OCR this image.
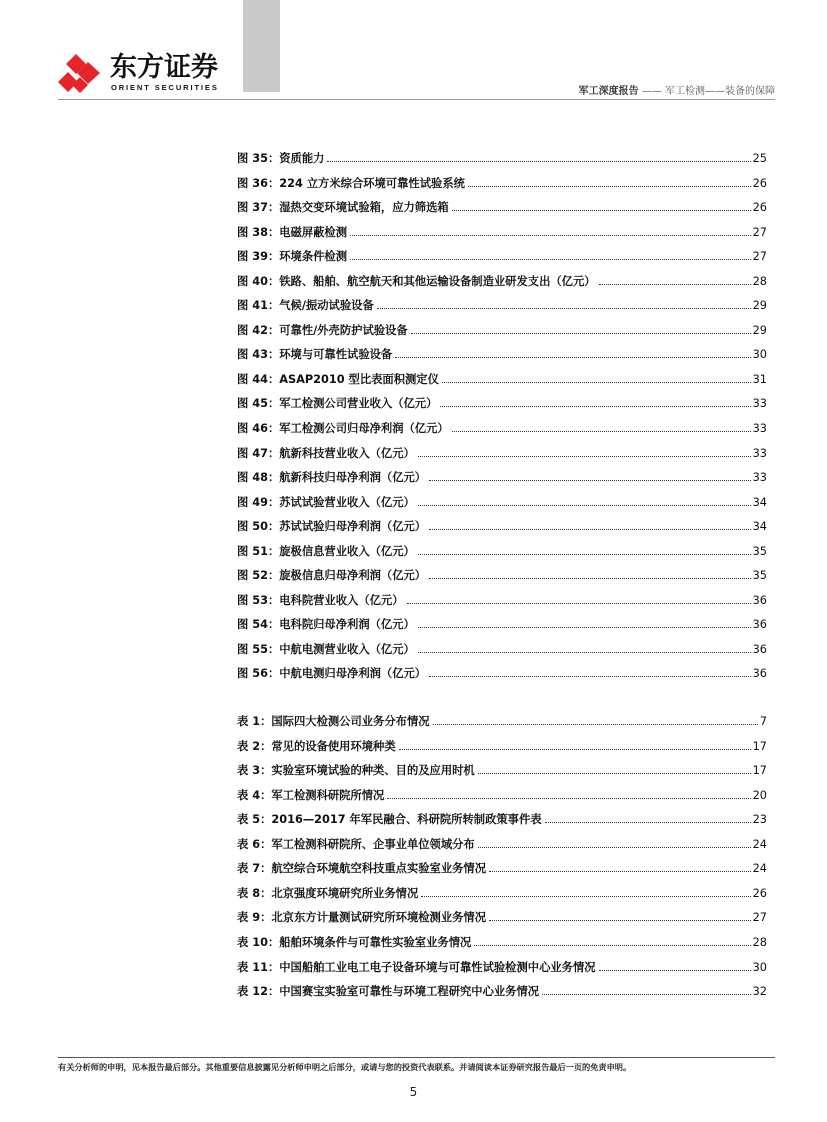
东方证券
ORIENT SECURITIES	军工深度报告 —— 军工检测——装备的保障
图 35：资质能力	25
图 36：224 立方米综合环境可靠性试验系统	26
图 37：湿热交变环境试验箱，应力筛选箱	26
图 38：电磁屏蔽检测	27
图 39：环境条件检测	27
图 40：铁路、船舶、航空航天和其他运输设备制造业研发支出（亿元）	28
图 41：气候/振动试验设备	29
图 42：可靠性/外壳防护试验设备	29
图 43：环境与可靠性试验设备	30
图 44：ASAP2010 型比表面积测定仪	31
图 45：军工检测公司营业收入（亿元）	33
图 46：军工检测公司归母净利润（亿元）	33
图 47：航新科技营业收入（亿元）	33
图 48：航新科技归母净利润（亿元）	33
图 49：苏试试验营业收入（亿元）	34
图 50：苏试试验归母净利润（亿元）	34
图 51：旋极信息营业收入（亿元）	35
图 52：旋极信息归母净利润（亿元）	35
图 53：电科院营业收入（亿元）	36
图 54：电科院归母净利润（亿元）	36
图 55：中航电测营业收入（亿元）	36
图 56：中航电测归母净利润（亿元）	36
表 1：国际四大检测公司业务分布情况	7
表 2：常见的设备使用环境种类	17
表 3：实验室环境试验的种类、目的及应用时机	17
表 4：军工检测科研院所情况	20
表 5：2016—2017 年军民融合、科研院所转制政策事件表	23
表 6：军工检测科研院所、企事业单位领域分布	24
表 7：航空综合环境航空科技重点实验室业务情况	24
表 8：北京强度环境研究所业务情况	26
表 9：北京东方计量测试研究所环境检测业务情况	27
表 10：船舶环境条件与可靠性实验室业务情况	28
表 11：中国船舶工业电工电子设备环境与可靠性试验检测中心业务情况	30
表 12：中国赛宝实验室可靠性与环境工程研究中心业务情况	32
有关分析师的申明，见本报告最后部分。其他重要信息披露见分析师申明之后部分，或请与您的投资代表联系。并请阅读本证券研究报告最后一页的免责申明。
5
